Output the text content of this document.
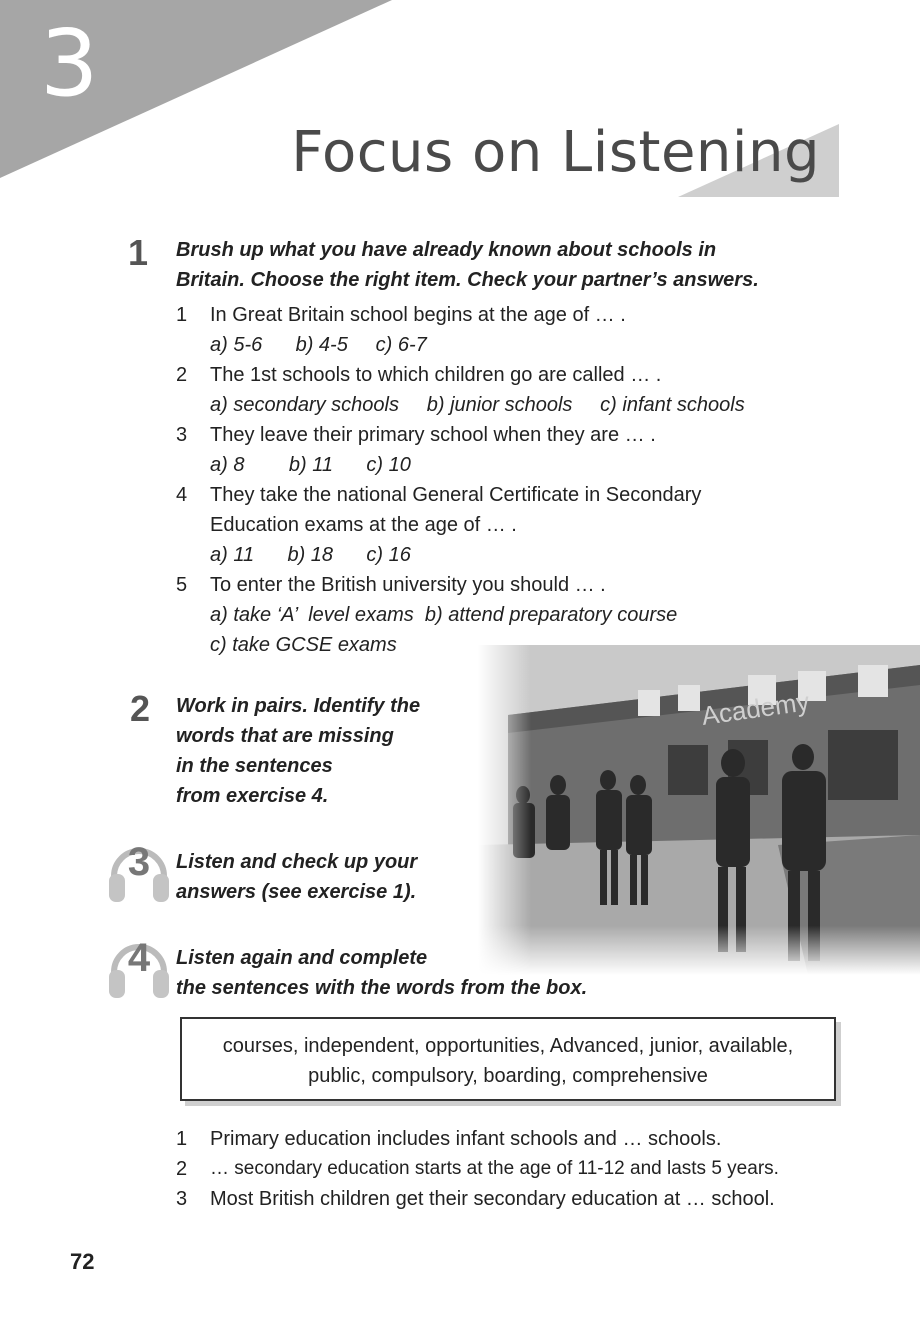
3
Focus on Listening
1 Brush up what you have already known about schools in
Britain. Choose the right item. Check your partner’s answers.
1	In Great Britain school begins at the age of … .
a) 5-6      b) 4-5     c) 6-7
2	The 1st schools to which children go are called … .
a) secondary schools     b) junior schools     c) infant schools
3	They leave their primary school when they are … .
a) 8        b) 11      c) 10
4	They take the national General Certificate in Secondary
Education exams at the age of … .
a) 11      b) 18      c) 16
5	To enter the British university you should … .
a) take ‘A’  level exams  b) attend preparatory course
c) take GCSE exams
2 Work in pairs. Identify the
words that are missing
in the sentences
from exercise 4.
3	Listen and check up your
answers (see exercise 1).
4	Listen again and complete
the sentences with the words from the box.
courses, independent, opportunities, Advanced, junior, available,
public, compulsory, boarding, comprehensive
1	Primary education includes infant schools and … schools.
2	… secondary education starts at the age of 11-12 and lasts 5 years.
3	Most British children get their secondary education at … school.
72
